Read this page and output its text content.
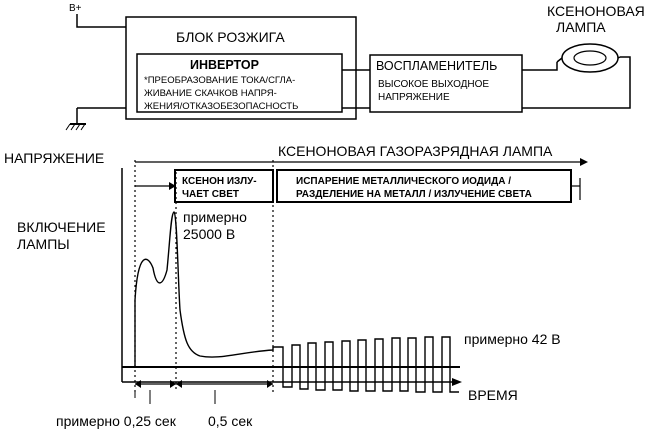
B+
БЛОК РОЗЖИГА
ИНВЕРТОР
*ПРЕОБРАЗОВАНИЕ ТОКА/СГЛА-
ЖИВАНИЕ СКАЧКОВ НАПРЯ-
ЖЕНИЯ/ОТКАЗОБЕЗОПАСНОСТЬ
ВОСПЛАМЕНИТЕЛЬ
ВЫСОКОЕ ВЫХОДНОЕ
НАПРЯЖЕНИЕ
КСЕНОНОВАЯ
ЛАМПА
НАПРЯЖЕНИЕ
ВРЕМЯ
КСЕНОНОВАЯ ГАЗОРАЗРЯДНАЯ ЛАМПА
КСЕНОН ИЗЛУ-
ЧАЕТ СВЕТ
ИСПАРЕНИЕ МЕТАЛЛИЧЕСКОГО ИОДИДА /
РАЗДЕЛЕНИЕ НА МЕТАЛЛ / ИЗЛУЧЕНИЕ СВЕТА
ВКЛЮЧЕНИЕ
ЛАМПЫ
примерно
25000 В
примерно 42 В
примерно 0,25 сек 0,5 сек
